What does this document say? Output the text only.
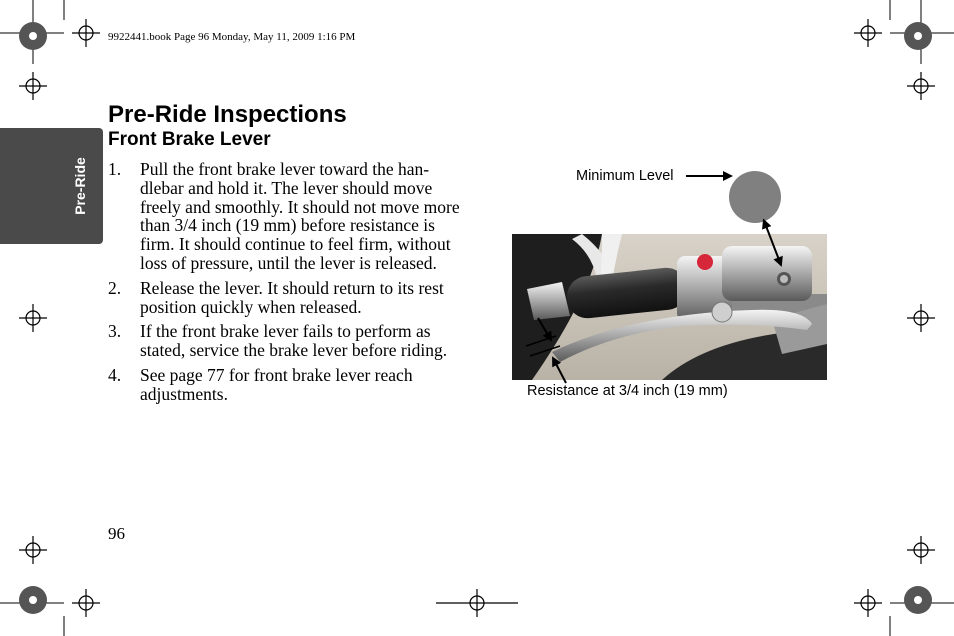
9922441.book Page 96 Monday, May 11, 2009 1:16 PM
Pre-Ride
Pre-Ride Inspections
Front Brake Lever
1. Pull the front brake lever toward the han-dlebar and hold it. The lever should move freely and smoothly. It should not move more than 3/4 inch (19 mm) before resistance is firm. It should continue to feel firm, without loss of pressure, until the lever is released.
2. Release the lever. It should return to its rest position quickly when released.
3. If the front brake lever fails to perform as stated, service the brake lever before riding.
4. See page 77 for front brake lever reach adjustments.
96
Minimum Level
Resistance at 3/4 inch (19 mm)
